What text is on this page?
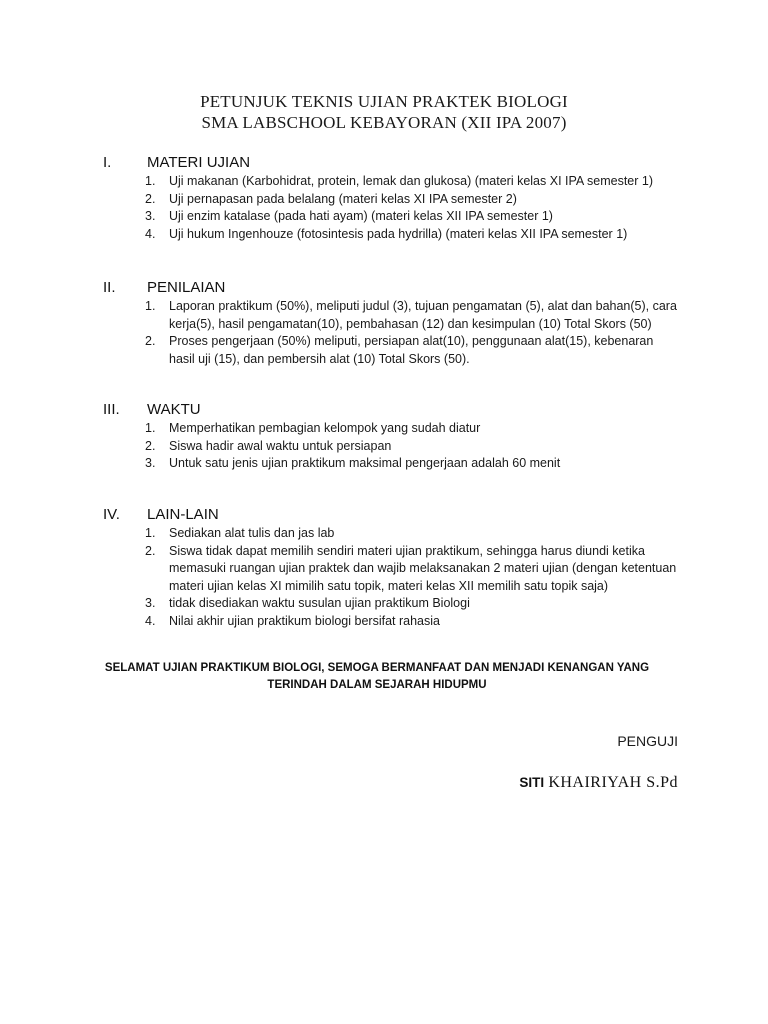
PETUNJUK TEKNIS UJIAN PRAKTEK BIOLOGI
SMA LABSCHOOL KEBAYORAN (XII IPA 2007)
I. MATERI UJIAN
1. Uji makanan (Karbohidrat, protein, lemak dan glukosa) (materi kelas XI IPA semester 1)
2. Uji pernapasan pada belalang (materi kelas XI IPA semester 2)
3. Uji enzim katalase (pada hati ayam) (materi kelas XII IPA semester 1)
4. Uji hukum Ingenhouze (fotosintesis pada hydrilla) (materi kelas XII IPA semester 1)
II. PENILAIAN
1. Laporan praktikum (50%), meliputi judul (3), tujuan pengamatan (5), alat dan bahan(5), cara kerja(5), hasil pengamatan(10), pembahasan (12) dan kesimpulan (10) Total Skors (50)
2. Proses pengerjaan (50%) meliputi, persiapan alat(10), penggunaan alat(15), kebenaran hasil uji (15), dan pembersih alat (10) Total Skors (50).
III. WAKTU
1. Memperhatikan pembagian kelompok yang sudah diatur
2. Siswa hadir awal waktu untuk persiapan
3. Untuk satu jenis ujian praktikum maksimal pengerjaan adalah 60 menit
IV. LAIN-LAIN
1. Sediakan alat tulis dan jas lab
2. Siswa tidak dapat memilih sendiri materi ujian praktikum, sehingga harus diundi ketika memasuki ruangan ujian praktek dan wajib melaksanakan 2 materi ujian (dengan ketentuan materi ujian kelas XI mimilih satu topik, materi kelas XII memilih satu topik saja)
3. tidak disediakan waktu susulan ujian praktikum Biologi
4. Nilai akhir ujian praktikum biologi bersifat rahasia
SELAMAT UJIAN PRAKTIKUM BIOLOGI, SEMOGA BERMANFAAT DAN MENJADI KENANGAN YANG
TERINDAH DALAM SEJARAH HIDUPMU
PENGUJI
SITI KHAIRIYAH S.Pd
